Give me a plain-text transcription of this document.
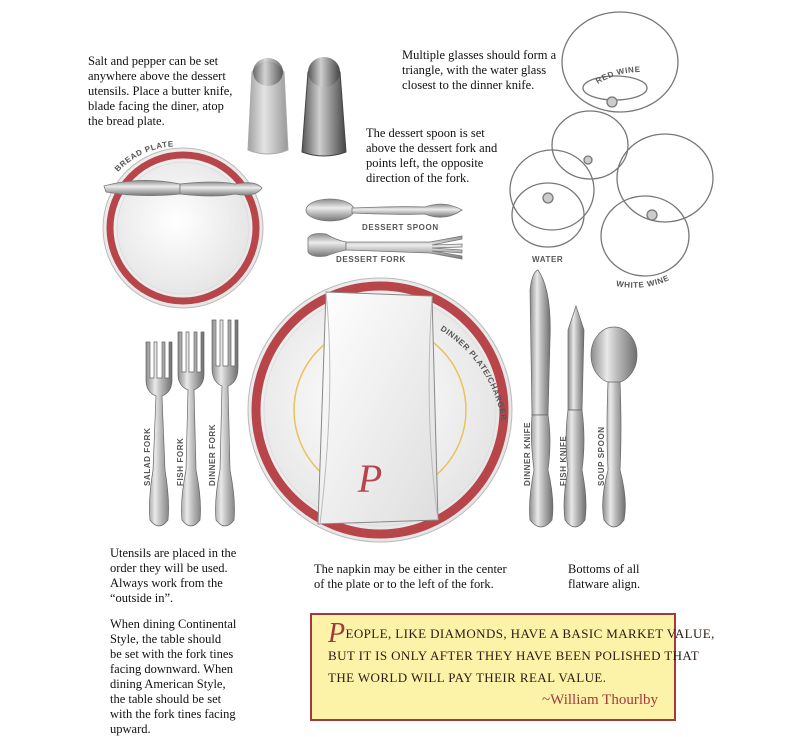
P
BREAD PLATE
DESSERT SPOON
DESSERT FORK
RED WINE
WATER
WHITE WINE
DINNER PLATE/CHARGER
SALAD FORK	FISH FORK	DINNER FORK	DINNER KNIFE	FISH KNIFE	SOUP SPOON
Salt and pepper can be set
anywhere above the dessert
utensils. Place a butter knife,
blade facing the diner, atop
the bread plate.
Multiple glasses should form a
triangle, with the water glass
closest to the dinner knife.
The dessert spoon is set
above the dessert fork and
points left, the opposite
direction of the fork.
Utensils are placed in the
order they will be used.
Always work from the
“outside in”.
When dining Continental
Style, the table should
be set with the fork tines
facing downward. When
dining American Style,
the table should be set
with the fork tines facing
upward.
The napkin may be either in the center
of the plate or to the left of the fork.
Bottoms of all
flatware align.
PEOPLE, LIKE DIAMONDS, HAVE A BASIC MARKET VALUE,
BUT IT IS ONLY AFTER THEY HAVE BEEN POLISHED THAT
THE WORLD WILL PAY THEIR REAL VALUE.
~William Thourlby
